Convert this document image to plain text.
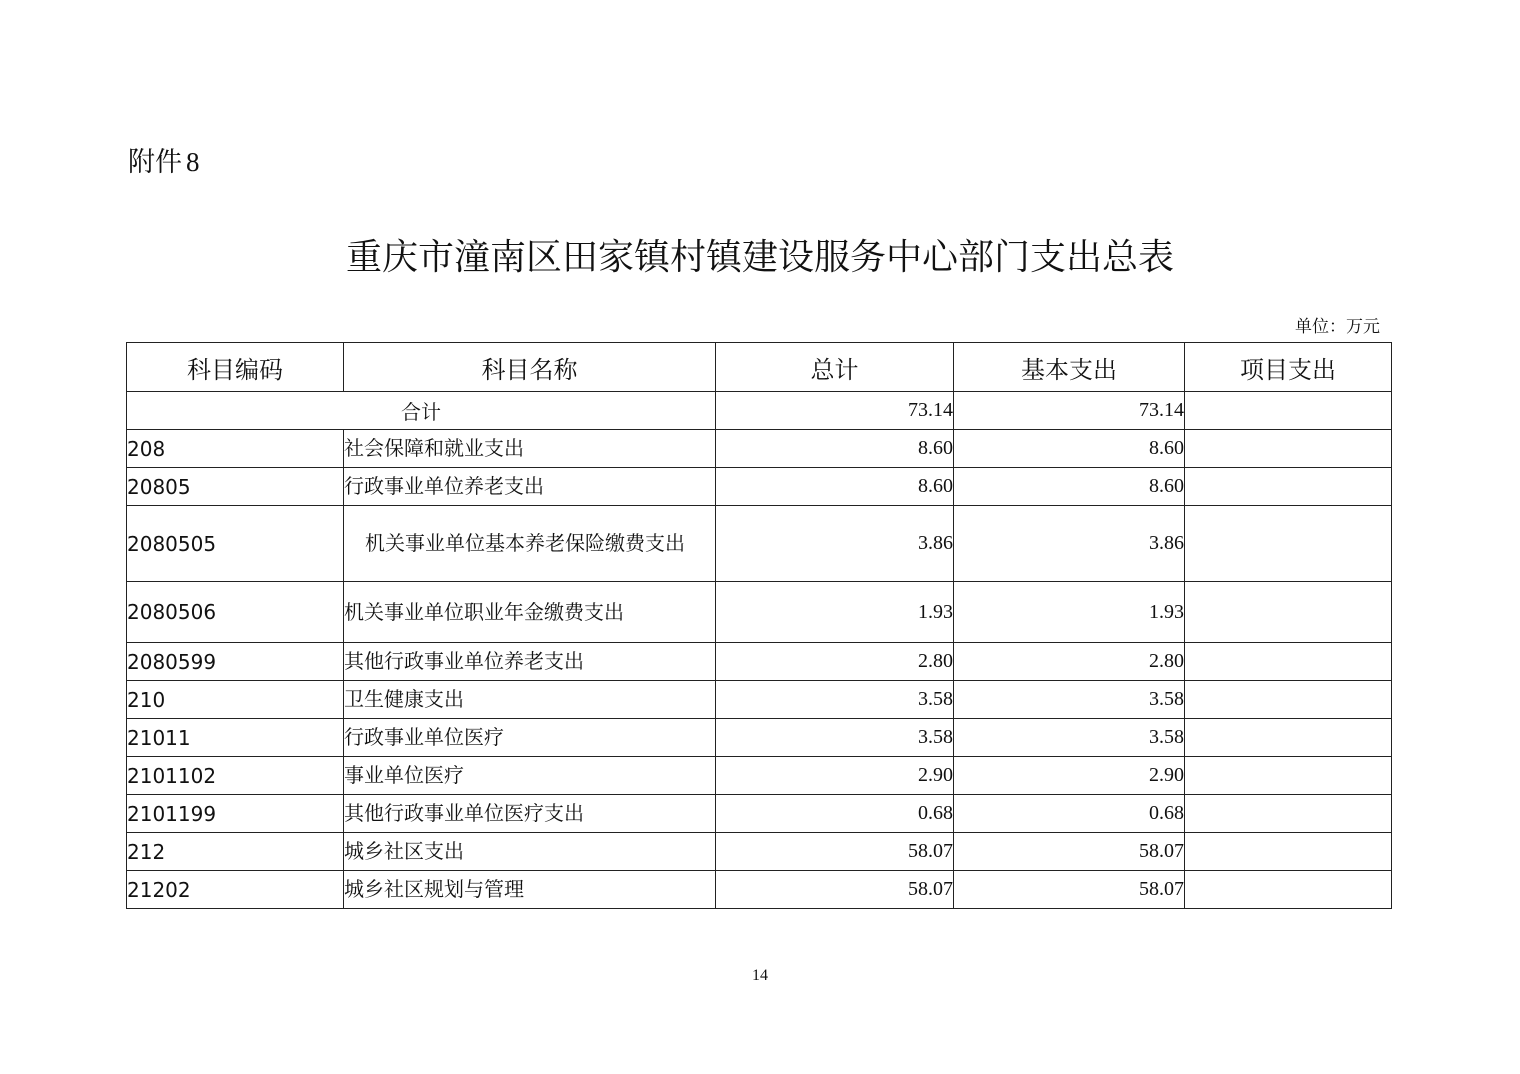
附件 8
重庆市潼南区田家镇村镇建设服务中心部门支出总表
单位：万元
科目编码	科目名称	总计	基本支出	项目支出
合计		73.14	73.14	
208	社会保障和就业支出	8.60	8.60	
20805	行政事业单位养老支出	8.60	8.60	
2080505	机关事业单位基本养老保险缴费支出	3.86	3.86	
2080506	机关事业单位职业年金缴费支出	1.93	1.93	
2080599	其他行政事业单位养老支出	2.80	2.80	
210	卫生健康支出	3.58	3.58	
21011	行政事业单位医疗	3.58	3.58	
2101102	事业单位医疗	2.90	2.90	
2101199	其他行政事业单位医疗支出	0.68	0.68	
212	城乡社区支出	58.07	58.07	
21202	城乡社区规划与管理	58.07	58.07	
14
